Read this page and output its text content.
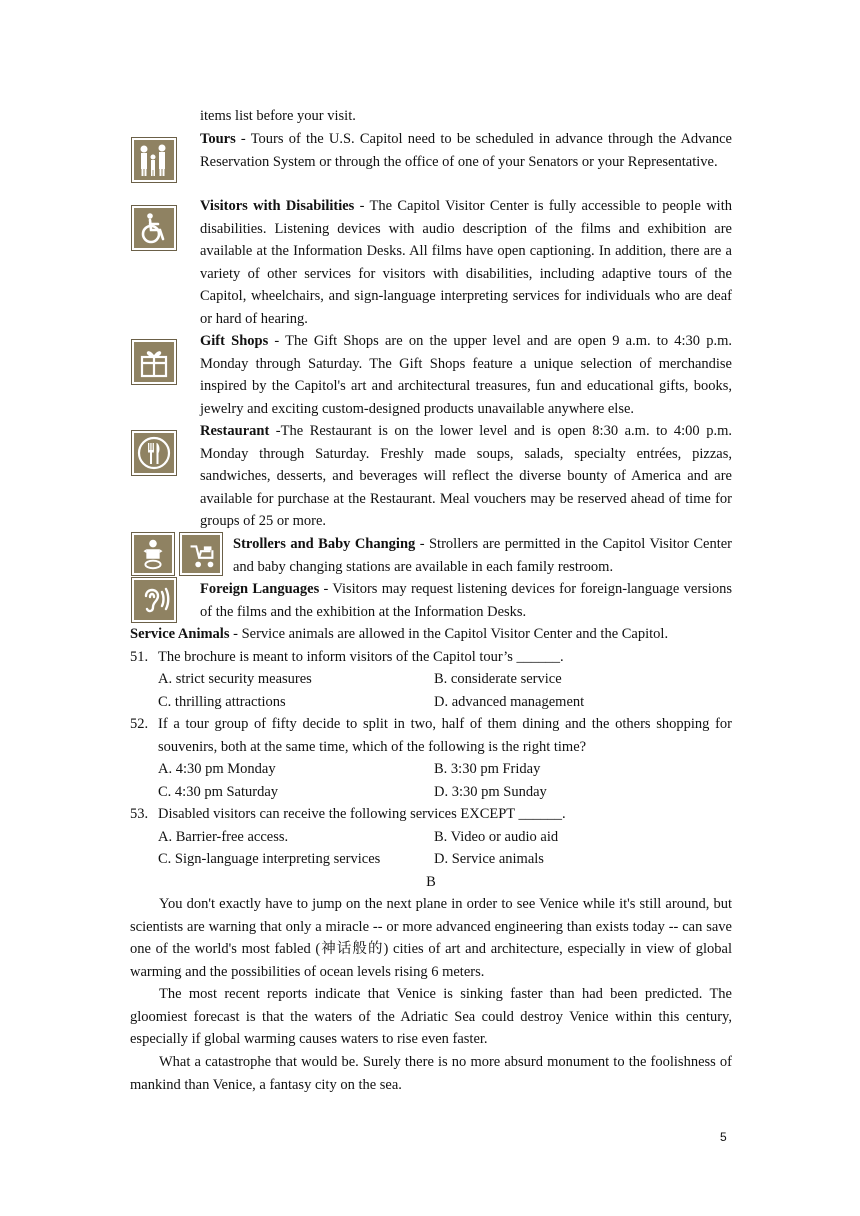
items list before your visit.
Tours - Tours of the U.S. Capitol need to be scheduled in advance through the Advance Reservation System or through the office of one of your Senators or your Representative.
Visitors with Disabilities - The Capitol Visitor Center is fully accessible to people with disabilities. Listening devices with audio description of the films and exhibition are available at the Information Desks. All films have open captioning. In addition, there are a variety of other services for visitors with disabilities, including adaptive tours of the Capitol, wheelchairs, and sign-language interpreting services for individuals who are deaf or hard of hearing.
Gift Shops - The Gift Shops are on the upper level and are open 9 a.m. to 4:30 p.m. Monday through Saturday. The Gift Shops feature a unique selection of merchandise inspired by the Capitol's art and architectural treasures, fun and educational gifts, books, jewelry and exciting custom-designed products unavailable anywhere else.
Restaurant -The Restaurant is on the lower level and is open 8:30 a.m. to 4:00 p.m. Monday through Saturday. Freshly made soups, salads, specialty entrées, pizzas, sandwiches, desserts, and beverages will reflect the diverse bounty of America and are available for purchase at the Restaurant. Meal vouchers may be reserved ahead of time for groups of 25 or more.
Strollers and Baby Changing - Strollers are permitted in the Capitol Visitor Center and baby changing stations are available in each family restroom.
Foreign Languages - Visitors may request listening devices for foreign-language versions of the films and the exhibition at the Information Desks.
Service Animals - Service animals are allowed in the Capitol Visitor Center and the Capitol.
51. The brochure is meant to inform visitors of the Capitol tour’s ______.
A. strict security measures	B. considerate service
C. thrilling attractions	D. advanced management
52. If a tour group of fifty decide to split in two, half of them dining and the others shopping for souvenirs, both at the same time, which of the following is the right time?
A. 4:30 pm Monday	B. 3:30 pm Friday
C. 4:30 pm Saturday	D. 3:30 pm Sunday
53. Disabled visitors can receive the following services EXCEPT ______.
A. Barrier-free access.	B. Video or audio aid
C. Sign-language interpreting services	D. Service animals
B
You don't exactly have to jump on the next plane in order to see Venice while it's still around, but scientists are warning that only a miracle -- or more advanced engineering than exists today -- can save one of the world's most fabled (神话般的) cities of art and architecture, especially in view of global warming and the possibilities of ocean levels rising 6 meters.
The most recent reports indicate that Venice is sinking faster than had been predicted. The gloomiest forecast is that the waters of the Adriatic Sea could destroy Venice within this century, especially if global warming causes waters to rise even faster.
What a catastrophe that would be. Surely there is no more absurd monument to the foolishness of mankind than Venice, a fantasy city on the sea.
5
